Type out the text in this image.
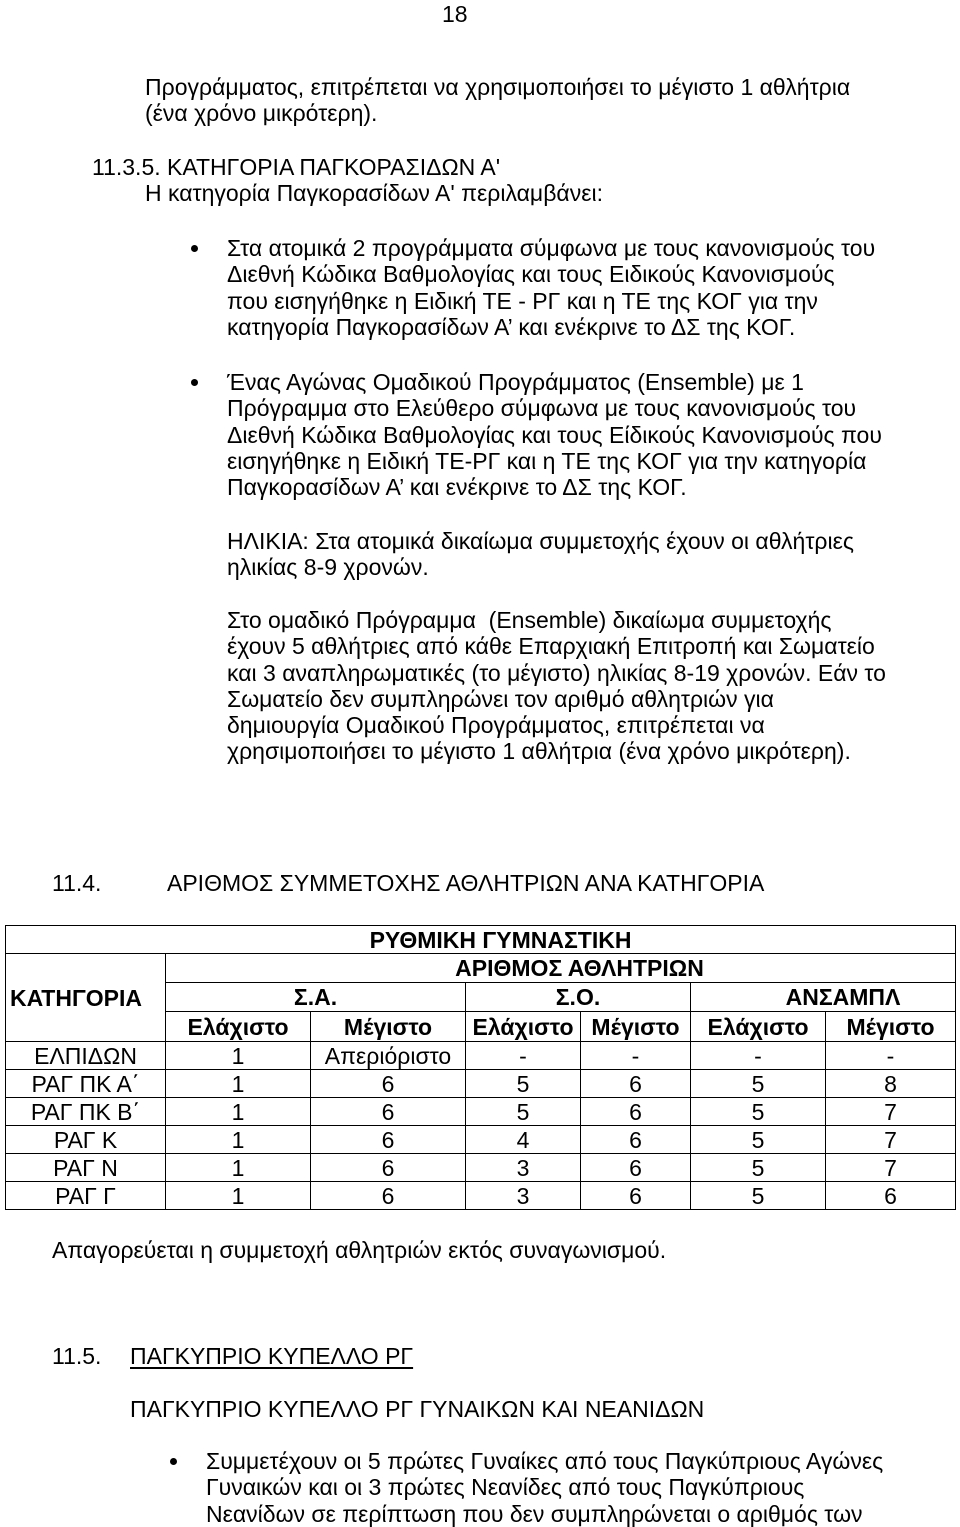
18
Προγράμματος, επιτρέπεται να χρησιμοποιήσει το μέγιστο 1 αθλήτρια
(ένα χρόνο μικρότερη).
11.3.5. ΚΑΤΗΓΟΡΙΑ ΠΑΓΚΟΡΑΣΙΔΩΝ Α'
Η κατηγορία Παγκορασίδων Α' περιλαμβάνει:
Στα ατομικά 2 προγράμματα σύμφωνα με τους κανονισμούς του
Διεθνή Κώδικα Βαθμολογίας και τους Ειδικούς Κανονισμούς
που εισηγήθηκε η Ειδική ΤΕ - ΡΓ και η ΤΕ της ΚΟΓ για την
κατηγορία Παγκορασίδων Α’ και ενέκρινε το ΔΣ της ΚΟΓ.
Ένας Αγώνας Ομαδικού Προγράμματος (Ensemble) με 1
Πρόγραμμα στο Ελεύθερο σύμφωνα με τους κανονισμούς του
Διεθνή Κώδικα Βαθμολογίας και τους Είδικούς Κανονισμούς που
εισηγήθηκε η Ειδική ΤΕ-ΡΓ και η ΤΕ της ΚΟΓ για την κατηγορία
Παγκορασίδων Α’ και ενέκρινε το ΔΣ της ΚΟΓ.
ΗΛΙΚΙΑ: Στα ατομικά δικαίωμα συμμετοχής έχουν οι αθλήτριες
ηλικίας 8-9 χρονών.
Στο ομαδικό Πρόγραμμα  (Ensemble) δικαίωμα συμμετοχής
έχουν 5 αθλήτριες από κάθε Επαρχιακή Επιτροπή και Σωματείο
και 3 αναπληρωματικές (το μέγιστο) ηλικίας 8-19 χρονών. Εάν το
Σωματείο δεν συμπληρώνει τον αριθμό αθλητριών για
δημιουργία Ομαδικού Προγράμματος, επιτρέπεται να
χρησιμοποιήσει το μέγιστο 1 αθλήτρια (ένα χρόνο μικρότερη).
11.4.	ΑΡΙΘΜΟΣ ΣΥΜΜΕΤΟΧΗΣ ΑΘΛΗΤΡΙΩΝ ΑΝΑ ΚΑΤΗΓΟΡΙΑ
ΡΥΘΜΙΚΗ ΓΥΜΝΑΣΤΙΚΗ						
ΚΑΤΗΓΟΡΙΑ	ΑΡΙΘΜΟΣ ΑΘΛΗΤΡΙΩΝ					
	Σ.Α.		Σ.Ο.		ΑΝΣΑΜΠΛ	
	Ελάχιστο	Μέγιστο	Ελάχιστο	Μέγιστο	Ελάχιστο	Μέγιστο
ΕΛΠΙΔΩΝ	1	Απεριόριστο	-	-	-	-
ΡΑΓ ΠΚ Α΄	1	6	5	6	5	8
ΡΑΓ ΠΚ Β΄	1	6	5	6	5	7
ΡΑΓ Κ	1	6	4	6	5	7
ΡΑΓ Ν	1	6	3	6	5	7
ΡΑΓ Γ	1	6	3	6	5	6
Απαγορεύεται η συμμετοχή αθλητριών εκτός συναγωνισμού.
11.5. ΠΑΓΚΥΠΡΙΟ ΚΥΠΕΛΛΟ ΡΓ
ΠΑΓΚΥΠΡΙΟ ΚΥΠΕΛΛΟ ΡΓ ΓΥΝΑΙΚΩΝ ΚΑΙ ΝΕΑΝΙΔΩΝ
Συμμετέχουν οι 5 πρώτες Γυναίκες από τους Παγκύπριους Αγώνες
Γυναικών και οι 3 πρώτες Νεανίδες από τους Παγκύπριους
Νεανίδων σε περίπτωση που δεν συμπληρώνεται ο αριθμός των
